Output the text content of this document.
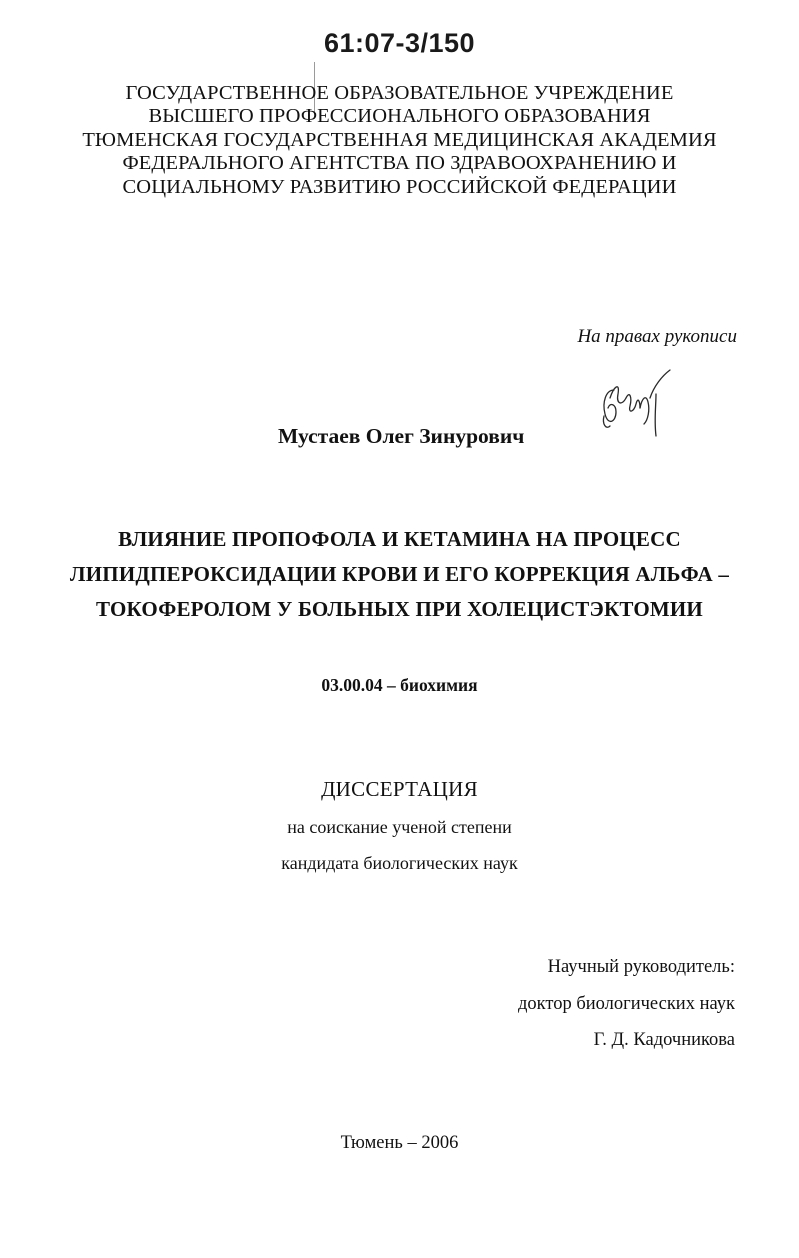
61:07-3/150
ГОСУДАРСТВЕННОЕ ОБРАЗОВАТЕЛЬНОЕ УЧРЕЖДЕНИЕ
ВЫСШЕГО ПРОФЕССИОНАЛЬНОГО ОБРАЗОВАНИЯ
ТЮМЕНСКАЯ ГОСУДАРСТВЕННАЯ МЕДИЦИНСКАЯ АКАДЕМИЯ
ФЕДЕРАЛЬНОГО АГЕНТСТВА ПО ЗДРАВООХРАНЕНИЮ И
СОЦИАЛЬНОМУ РАЗВИТИЮ РОССИЙСКОЙ ФЕДЕРАЦИИ
На правах рукописи
Мустаев Олег Зинурович
ВЛИЯНИЕ ПРОПОФОЛА И КЕТАМИНА НА ПРОЦЕСС
ЛИПИДПЕРОКСИДАЦИИ КРОВИ И ЕГО КОРРЕКЦИЯ АЛЬФА –
ТОКОФЕРОЛОМ У БОЛЬНЫХ ПРИ ХОЛЕЦИСТЭКТОМИИ
03.00.04 – биохимия
ДИССЕРТАЦИЯ
на соискание ученой степени
кандидата биологических наук
Научный руководитель:
доктор биологических наук
Г. Д. Кадочникова
Тюмень – 2006
